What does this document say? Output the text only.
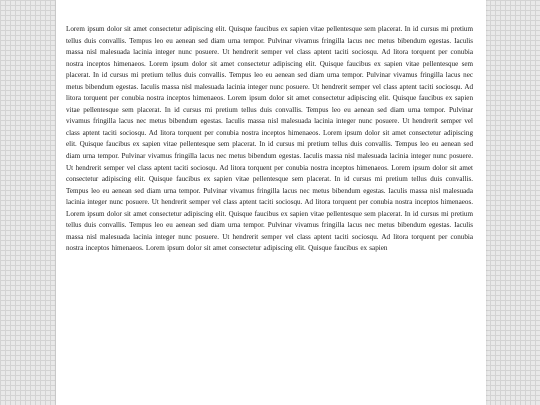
Lorem ipsum dolor sit amet consectetur adipiscing elit. Quisque faucibus ex sapien vitae pellentesque sem placerat. In id cursus mi pretium tellus duis convallis. Tempus leo eu aenean sed diam urna tempor. Pulvinar vivamus fringilla lacus nec metus bibendum egestas. Iaculis massa nisl malesuada lacinia integer nunc posuere. Ut hendrerit semper vel class aptent taciti sociosqu. Ad litora torquent per conubia nostra inceptos himenaeos. Lorem ipsum dolor sit amet consectetur adipiscing elit. Quisque faucibus ex sapien vitae pellentesque sem placerat. In id cursus mi pretium tellus duis convallis. Tempus leo eu aenean sed diam urna tempor. Pulvinar vivamus fringilla lacus nec metus bibendum egestas. Iaculis massa nisl malesuada lacinia integer nunc posuere. Ut hendrerit semper vel class aptent taciti sociosqu. Ad litora torquent per conubia nostra inceptos himenaeos. Lorem ipsum dolor sit amet consectetur adipiscing elit. Quisque faucibus ex sapien vitae pellentesque sem placerat. In id cursus mi pretium tellus duis convallis. Tempus leo eu aenean sed diam urna tempor. Pulvinar vivamus fringilla lacus nec metus bibendum egestas. Iaculis massa nisl malesuada lacinia integer nunc posuere. Ut hendrerit semper vel class aptent taciti sociosqu. Ad litora torquent per conubia nostra inceptos himenaeos. Lorem ipsum dolor sit amet consectetur adipiscing elit. Quisque faucibus ex sapien vitae pellentesque sem placerat. In id cursus mi pretium tellus duis convallis. Tempus leo eu aenean sed diam urna tempor. Pulvinar vivamus fringilla lacus nec metus bibendum egestas. Iaculis massa nisl malesuada lacinia integer nunc posuere. Ut hendrerit semper vel class aptent taciti sociosqu. Ad litora torquent per conubia nostra inceptos himenaeos. Lorem ipsum dolor sit amet consectetur adipiscing elit. Quisque faucibus ex sapien vitae pellentesque sem placerat. In id cursus mi pretium tellus duis convallis. Tempus leo eu aenean sed diam urna tempor. Pulvinar vivamus fringilla lacus nec metus bibendum egestas. Iaculis massa nisl malesuada lacinia integer nunc posuere. Ut hendrerit semper vel class aptent taciti sociosqu. Ad litora torquent per conubia nostra inceptos himenaeos. Lorem ipsum dolor sit amet consectetur adipiscing elit. Quisque faucibus ex sapien vitae pellentesque sem placerat. In id cursus mi pretium tellus duis convallis. Tempus leo eu aenean sed diam urna tempor. Pulvinar vivamus fringilla lacus nec metus bibendum egestas. Iaculis massa nisl malesuada lacinia integer nunc posuere. Ut hendrerit semper vel class aptent taciti sociosqu. Ad litora torquent per conubia nostra inceptos himenaeos. Lorem ipsum dolor sit amet consectetur adipiscing elit. Quisque faucibus ex sapien
